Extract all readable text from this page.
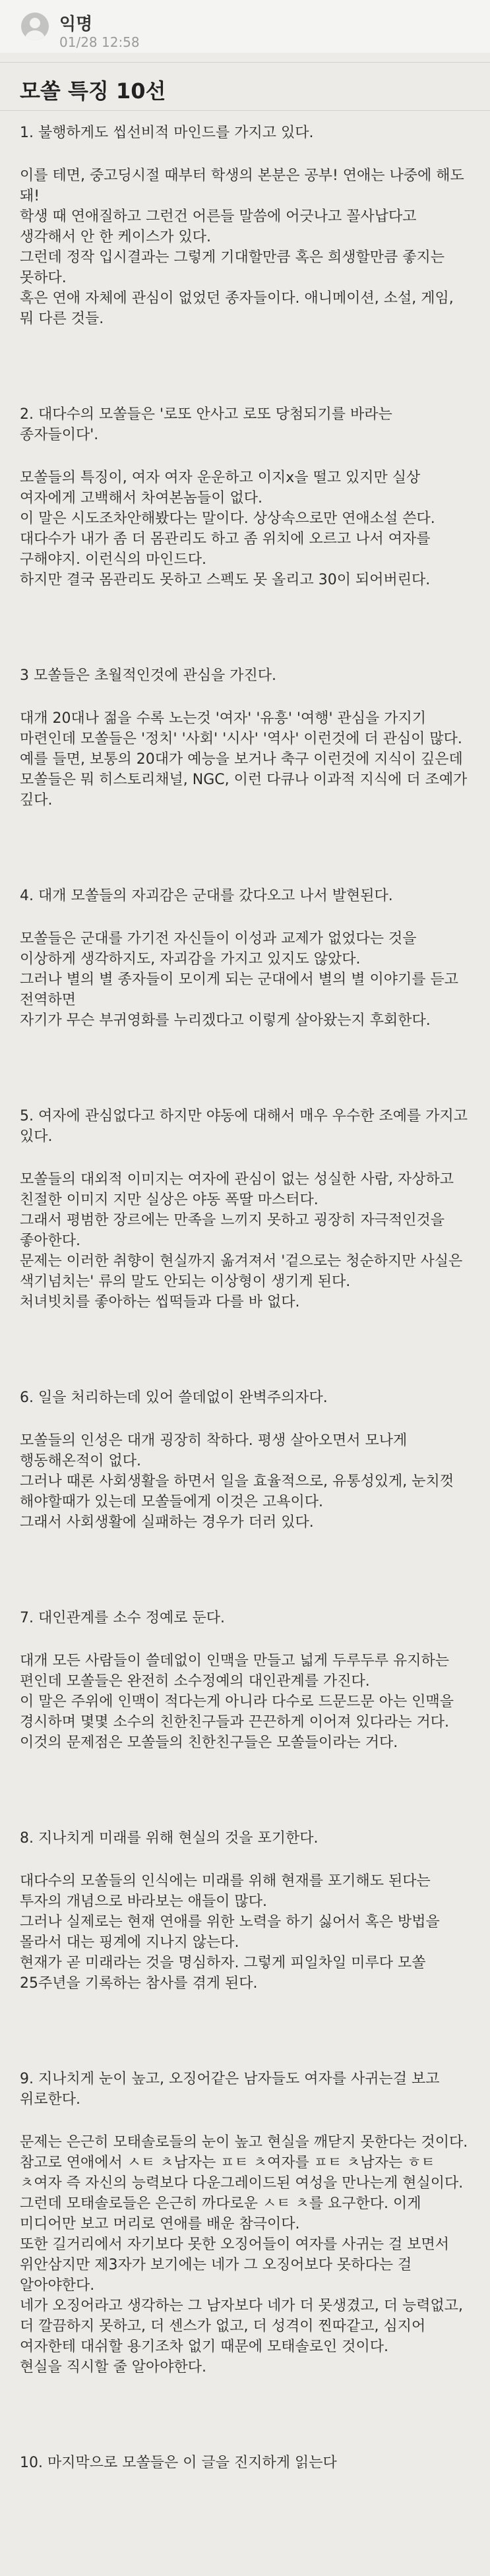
익명
01/28 12:58
모쏠 특징 10선
1. 불행하게도 씹선비적 마인드를 가지고 있다.
이를 테면, 중고딩시절 때부터 학생의 본분은 공부! 연애는 나중에 해도 돼!
학생 때 연애질하고 그런건 어른들 말씀에 어긋나고 꼴사납다고 생각해서 안 한 케이스가 있다.
그런데 정작 입시결과는 그렇게 기대할만큼 혹은 희생할만큼 좋지는 못하다.
혹은 연애 자체에 관심이 없었던 종자들이다. 애니메이션, 소설, 게임, 뭐 다른 것들.
2. 대다수의 모쏠들은 '로또 안사고 로또 당첨되기를 바라는 종자들이다'.
모쏠들의 특징이, 여자 여자 운운하고 이지x을 떨고 있지만 실상 여자에게 고백해서 차여본놈들이 없다.
이 말은 시도조차안해봤다는 말이다. 상상속으로만 연애소설 쓴다.
대다수가 내가 좀 더 몸관리도 하고 좀 위치에 오르고 나서 여자를 구해야지. 이런식의 마인드다.
하지만 결국 몸관리도 못하고 스펙도 못 올리고 30이 되어버린다.
3 모쏠들은 초월적인것에 관심을 가진다.
대개 20대나 젊을 수록 노는것 '여자' '유흥' '여행' 관심을 가지기 마련인데 모쏠들은 '정치' '사회' '시사' '역사' 이런것에 더 관심이 많다.
예를 들면, 보통의 20대가 예능을 보거나 축구 이런것에 지식이 깊은데 모쏠들은 뭐 히스토리채널, NGC, 이런 다큐나 이과적 지식에 더 조예가 깊다.
4. 대개 모쏠들의 자괴감은 군대를 갔다오고 나서 발현된다.
모쏠들은 군대를 가기전 자신들이 이성과 교제가 없었다는 것을 이상하게 생각하지도, 자괴감을 가지고 있지도 않았다.
그러나 별의 별 종자들이 모이게 되는 군대에서 별의 별 이야기를 듣고 전역하면
자기가 무슨 부귀영화를 누리겠다고 이렇게 살아왔는지 후회한다.
5. 여자에 관심없다고 하지만 야동에 대해서 매우 우수한 조예를 가지고 있다.
모쏠들의 대외적 이미지는 여자에 관심이 없는 성실한 사람, 자상하고 친절한 이미지 지만 실상은 야동 폭딸 마스터다.
그래서 평범한 장르에는 만족을 느끼지 못하고 굉장히 자극적인것을 좋아한다.
문제는 이러한 취향이 현실까지 옮겨져서 '겉으로는 청순하지만 사실은 색기넘치는' 류의 말도 안되는 이상형이 생기게 된다.
처녀빗치를 좋아하는 씹떡들과 다를 바 없다.
6. 일을 처리하는데 있어 쓸데없이 완벽주의자다.
모쏠들의 인성은 대개 굉장히 착하다. 평생 살아오면서 모나게 행동해온적이 없다.
그러나 때론 사회생활을 하면서 일을 효율적으로, 유통성있게, 눈치껏 해야할때가 있는데 모쏠들에게 이것은 고욕이다.
그래서 사회생활에 실패하는 경우가 더러 있다.
7. 대인관계를 소수 정예로 둔다.
대개 모든 사람들이 쓸데없이 인맥을 만들고 넓게 두루두루 유지하는 편인데 모쏠들은 완전히 소수정예의 대인관계를 가진다.
이 말은 주위에 인맥이 적다는게 아니라 다수로 드문드문 아는 인맥을 경시하며 몇몇 소수의 친한친구들과 끈끈하게 이어져 있다라는 거다.
이것의 문제점은 모쏠들의 친한친구들은 모쏠들이라는 거다.
8. 지나치게 미래를 위해 현실의 것을 포기한다.
대다수의 모쏠들의 인식에는 미래를 위해 현재를 포기해도 된다는 투자의 개념으로 바라보는 애들이 많다.
그러나 실제로는 현재 연애를 위한 노력을 하기 싫어서 혹은 방법을 몰라서 대는 핑계에 지나지 않는다.
현재가 곧 미래라는 것을 명심하자. 그렇게 피일차일 미루다 모쏠 25주년을 기록하는 참사를 겪게 된다.
9. 지나치게 눈이 높고, 오징어같은 남자들도 여자를 사귀는걸 보고 위로한다.
문제는 은근히 모태솔로들의 눈이 높고 현실을 깨닫지 못한다는 것이다.
참고로 연애에서 ㅅㅌ ㅊ남자는 ㅍㅌ ㅊ여자를 ㅍㅌ ㅊ남자는 ㅎㅌ ㅊ여자 즉 자신의 능력보다 다운그레이드된 여성을 만나는게 현실이다.
그런데 모태솔로들은 은근히 까다로운 ㅅㅌ ㅊ를 요구한다. 이게 미디어만 보고 머리로 연애를 배운 참극이다.
또한 길거리에서 자기보다 못한 오징어들이 여자를 사귀는 걸 보면서 위안삼지만 제3자가 보기에는 네가 그 오징어보다 못하다는 걸 알아야한다.
네가 오징어라고 생각하는 그 남자보다 네가 더 못생겼고, 더 능력없고, 더 깔끔하지 못하고, 더 센스가 없고, 더 성격이 찐따같고, 심지어 여자한테 대쉬할 용기조차 없기 때문에 모태솔로인 것이다.
현실을 직시할 줄 알아야한다.
10. 마지막으로 모쏠들은 이 글을 진지하게 읽는다
